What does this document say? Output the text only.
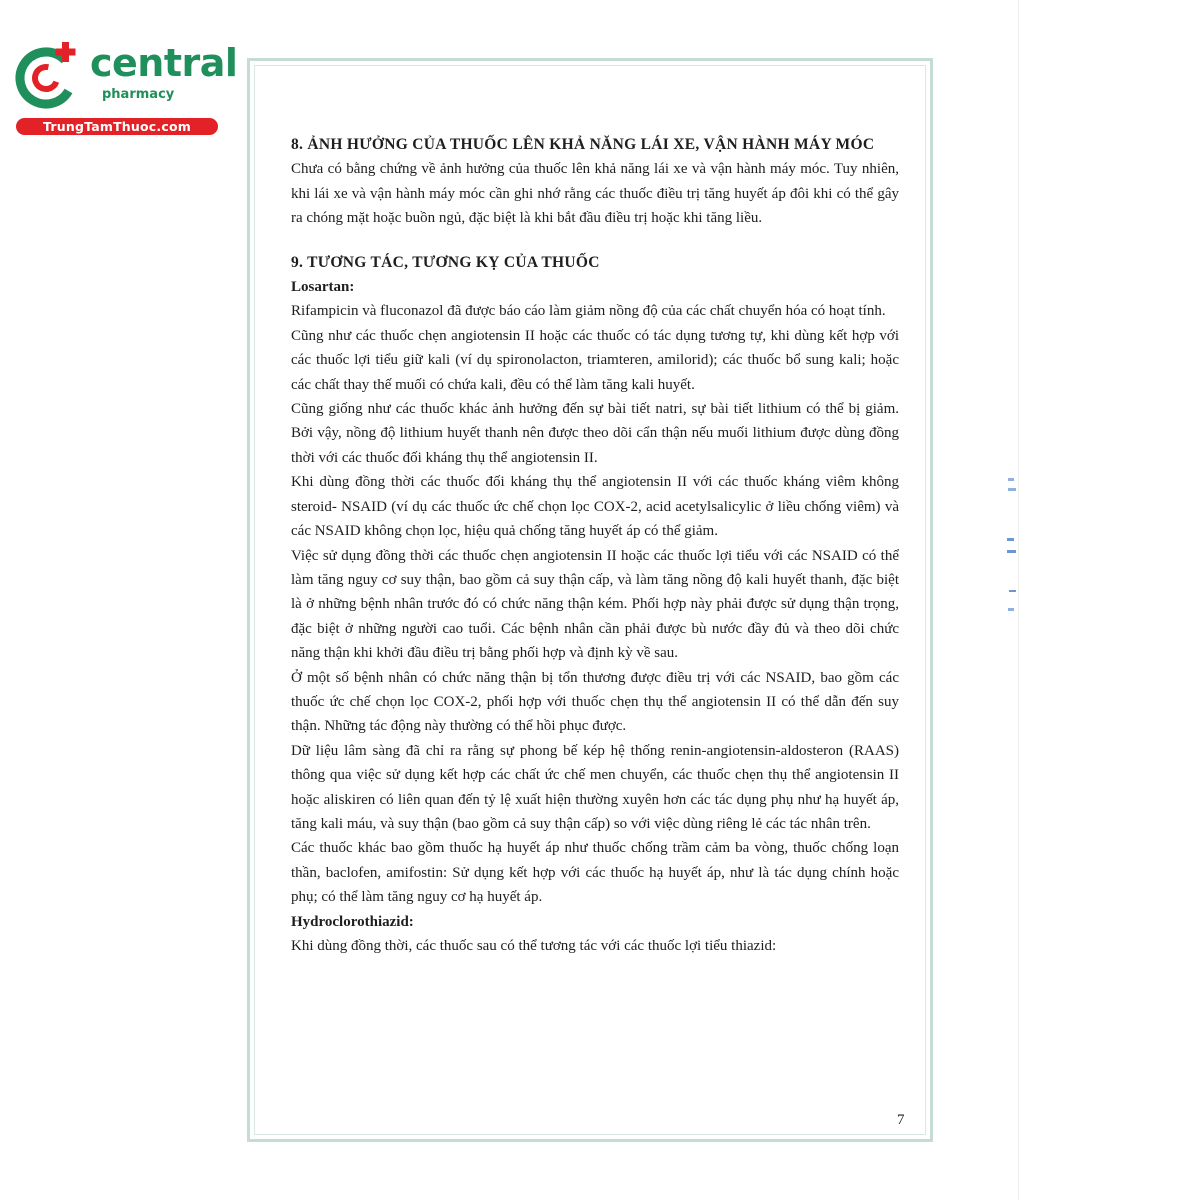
central
pharmacy
TrungTamThuoc.com

8. ẢNH HƯỞNG CỦA THUỐC LÊN KHẢ NĂNG LÁI XE, VẬN HÀNH MÁY MÓC

Chưa có bằng chứng về ảnh hưởng của thuốc lên khả năng lái xe và vận hành máy móc. Tuy nhiên, khi lái xe và vận hành máy móc cần ghi nhớ rằng các thuốc điều trị tăng huyết áp đôi khi có thể gây ra chóng mặt hoặc buồn ngủ, đặc biệt là khi bắt đầu điều trị hoặc khi tăng liều.

9. TƯƠNG TÁC, TƯƠNG KỴ CỦA THUỐC

Losartan:

Rifampicin và fluconazol đã được báo cáo làm giảm nồng độ của các chất chuyển hóa có hoạt tính.

Cũng như các thuốc chẹn angiotensin II hoặc các thuốc có tác dụng tương tự, khi dùng kết hợp với các thuốc lợi tiểu giữ kali (ví dụ spironolacton, triamteren, amilorid); các thuốc bổ sung kali; hoặc các chất thay thế muối có chứa kali, đều có thể làm tăng kali huyết.

Cũng giống như các thuốc khác ảnh hưởng đến sự bài tiết natri, sự bài tiết lithium có thể bị giảm. Bởi vậy, nồng độ lithium huyết thanh nên được theo dõi cẩn thận nếu muối lithium được dùng đồng thời với các thuốc đối kháng thụ thể angiotensin II.

Khi dùng đồng thời các thuốc đối kháng thụ thể angiotensin II với các thuốc kháng viêm không steroid- NSAID (ví dụ các thuốc ức chế chọn lọc COX-2, acid acetylsalicylic ở liều chống viêm) và các NSAID không chọn lọc, hiệu quả chống tăng huyết áp có thể giảm.

Việc sử dụng đồng thời các thuốc chẹn angiotensin II hoặc các thuốc lợi tiểu với các NSAID có thể làm tăng nguy cơ suy thận, bao gồm cả suy thận cấp, và làm tăng nồng độ kali huyết thanh, đặc biệt là ở những bệnh nhân trước đó có chức năng thận kém. Phối hợp này phải được sử dụng thận trọng, đặc biệt ở những người cao tuổi. Các bệnh nhân cần phải được bù nước đầy đủ và theo dõi chức năng thận khi khởi đầu điều trị bằng phối hợp và định kỳ về sau.

Ở một số bệnh nhân có chức năng thận bị tổn thương được điều trị với các NSAID, bao gồm các thuốc ức chế chọn lọc COX-2, phối hợp với thuốc chẹn thụ thể angiotensin II có thể dẫn đến suy thận. Những tác động này thường có thể hồi phục được.

Dữ liệu lâm sàng đã chỉ ra rằng sự phong bế kép hệ thống renin-angiotensin-aldosteron (RAAS) thông qua việc sử dụng kết hợp các chất ức chế men chuyển, các thuốc chẹn thụ thể angiotensin II hoặc aliskiren có liên quan đến tỷ lệ xuất hiện thường xuyên hơn các tác dụng phụ như hạ huyết áp, tăng kali máu, và suy thận (bao gồm cả suy thận cấp) so với việc dùng riêng lẻ các tác nhân trên.

Các thuốc khác bao gồm thuốc hạ huyết áp như thuốc chống trầm cảm ba vòng, thuốc chống loạn thần, baclofen, amifostin: Sử dụng kết hợp với các thuốc hạ huyết áp, như là tác dụng chính hoặc phụ; có thể làm tăng nguy cơ hạ huyết áp.

Hydroclorothiazid:

Khi dùng đồng thời, các thuốc sau có thể tương tác với các thuốc lợi tiểu thiazid:

7
